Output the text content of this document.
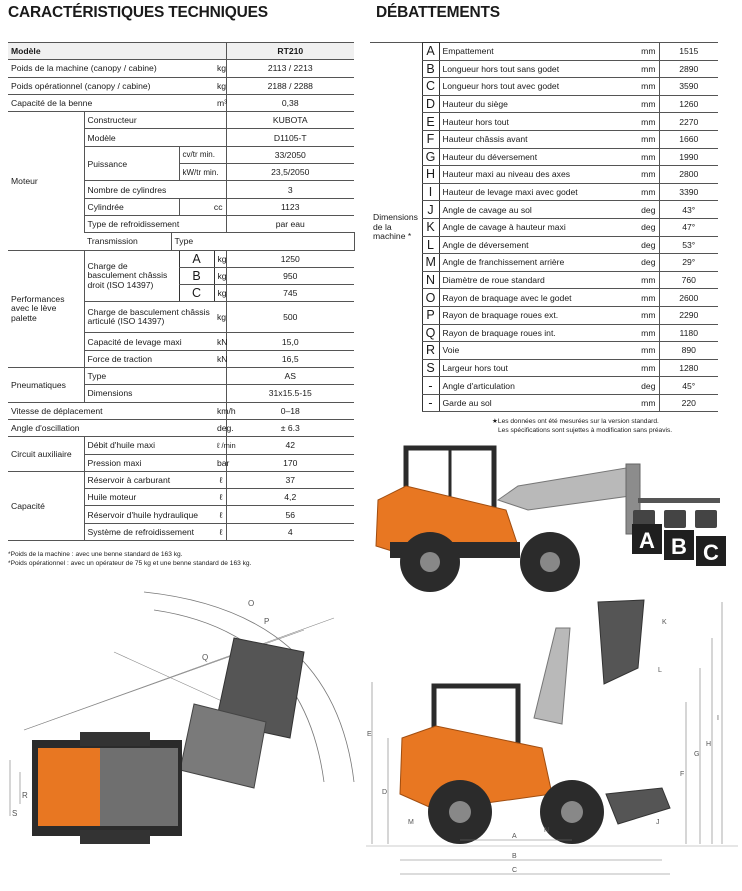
CARACTÉRISTIQUES TECHNIQUES
Modèle					RT210	
Poids de la machine (canopy / cabine)				kg	2113 / 2213	
Poids opérationnel (canopy / cabine)				kg	2188 / 2288	
Capacité de la benne				m³	0,38	
Moteur	Constructeur				KUBOTA	
	Modèle				D1105-T	
	Puissance		cv/tr min.		33/2050	
			kW/tr min.		23,5/2050	
	Nombre de cylindres				3	
	Cylindrée		cc		1123	
	Type de refroidissement				par eau	
	Transmission	Type	
Performances avec le lève palette	Charge de basculement châssis droit (ISO 14397)		A	kg	1250	
			B	kg	950	
			C	kg	745	
	Charge de basculement châssis articulé (ISO 14397)			kg	500	
	Capacité de levage maxi			kN	15,0	
	Force de traction			kN	16,5	
Pneumatiques	Type				AS	
	Dimensions				31x15.5-15	
Vitesse de déplacement				km/h	0–18	
Angle d'oscillation				deg.	± 6.3	
Circuit auxiliaire	Débit d'huile maxi			ℓ /min	42	
	Pression maxi			bar	170	
Capacité	Réservoir à carburant			ℓ	37	
	Huile moteur			ℓ	4,2	
	Réservoir d'huile hydraulique			ℓ	56	
	Système de refroidissement			ℓ	4	
*Poids de la machine : avec une benne standard de 163 kg.
*Poids opérationnel : avec un opérateur de 75 kg et une benne standard de 163 kg.
DÉBATTEMENTS
Dimensions de la machine *	A	Empattement	mm	1515
	B	Longueur hors tout sans godet	mm	2890
	C	Longueur hors tout avec godet	mm	3590
	D	Hauteur du siège	mm	1260
	E	Hauteur hors tout	mm	2270
	F	Hauteur châssis avant	mm	1660
	G	Hauteur du déversement	mm	1990
	H	Hauteur maxi au niveau des axes	mm	2800
	I	Hauteur de levage maxi avec godet	mm	3390
	J	Angle de cavage au sol	deg	43°
	K	Angle de cavage à hauteur maxi	deg	47°
	L	Angle de déversement	deg	53°
	M	Angle de franchissement arrière	deg	29°
	N	Diamètre de roue standard	mm	760
	O	Rayon de braquage avec le godet	mm	2600
	P	Rayon de braquage roues ext.	mm	2290
	Q	Rayon de braquage roues int.	mm	1180
	R	Voie	mm	890
	S	Largeur hors tout	mm	1280
	-	Angle d'articulation	deg	45°
	-	Garde au sol	mm	220
★Les données ont été mesurées sur la version standard.
Les spécifications sont sujettes à modification sans préavis.
A B C
O
P
Q
R
S
K
L
E
D
F
G
H
I
M
N
J
A
B
C
